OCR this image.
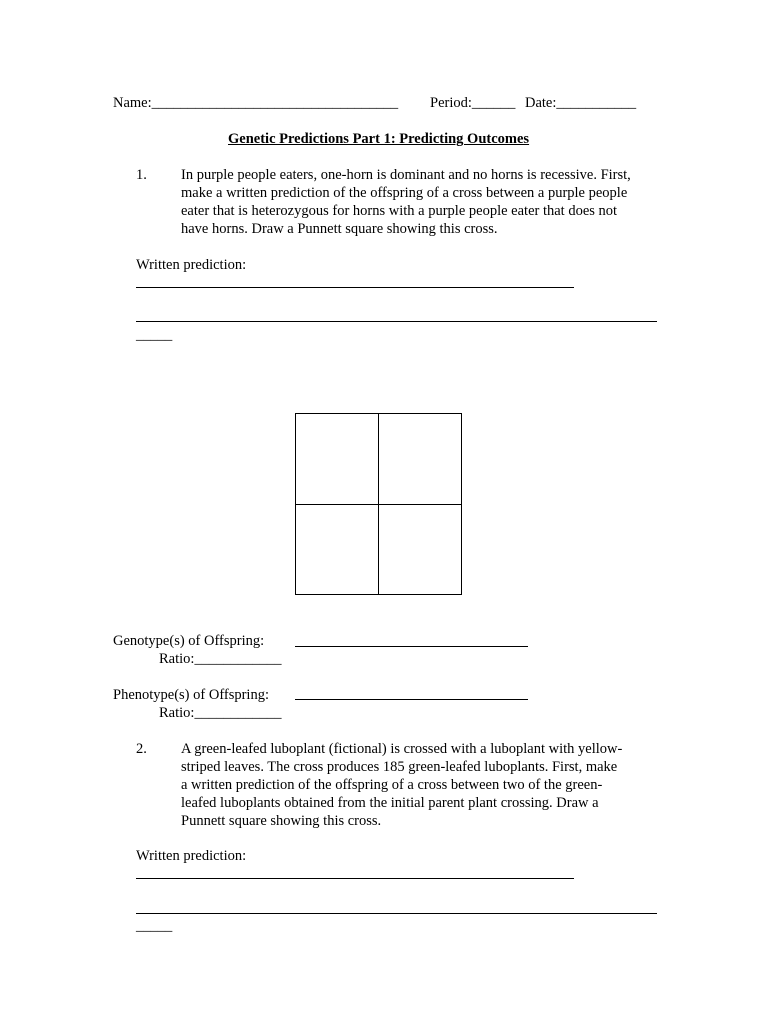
Name:__________________________________ Period:______ Date:___________
Genetic Predictions Part 1: Predicting Outcomes
1. In purple people eaters, one-horn is dominant and no horns is recessive. First,
make a written prediction of the offspring of a cross between a purple people
eater that is heterozygous for horns with a purple people eater that does not
have horns. Draw a Punnett square showing this cross.
Written prediction:
_____
Genotype(s) of Offspring:
Ratio:____________
Phenotype(s) of Offspring:
Ratio:____________
2. A green-leafed luboplant (fictional) is crossed with a luboplant with yellow-
striped leaves. The cross produces 185 green-leafed luboplants. First, make
a written prediction of the offspring of a cross between two of the green-
leafed luboplants obtained from the initial parent plant crossing. Draw a
Punnett square showing this cross.
Written prediction:
_____
